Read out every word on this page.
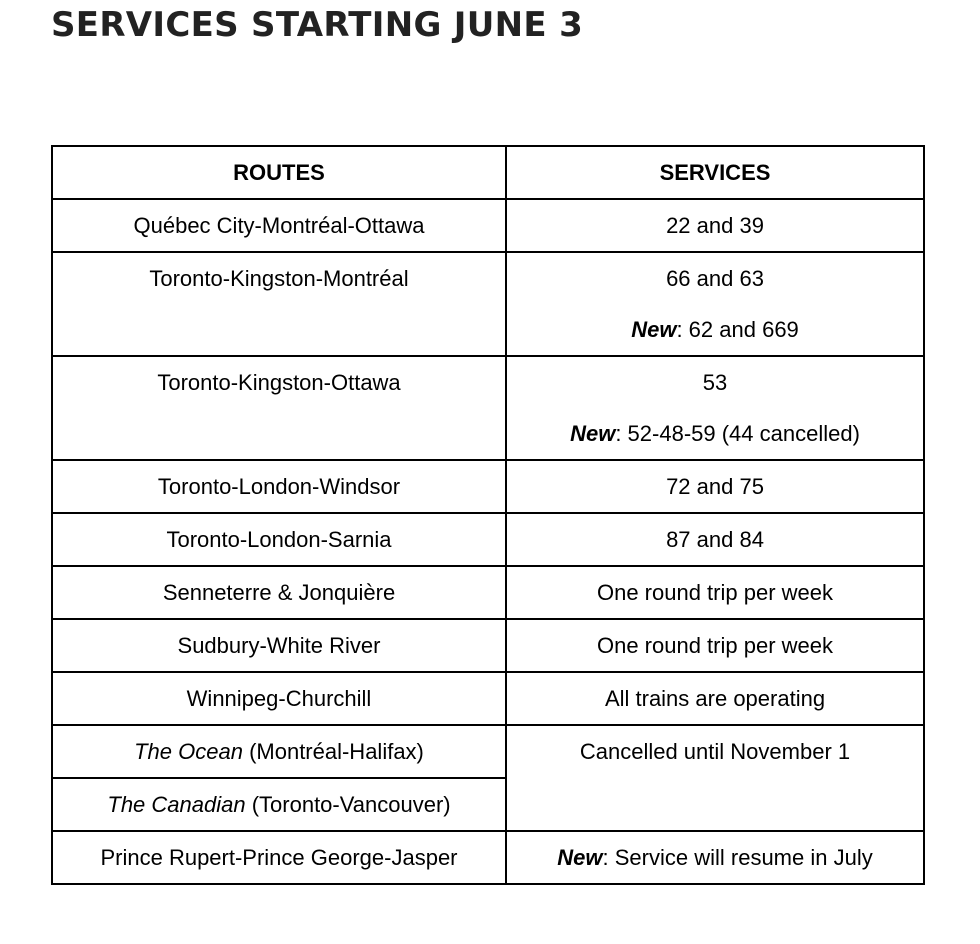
SERVICES STARTING JUNE 3
ROUTES	SERVICES

Québec City-Montréal-Ottawa	22 and 39

Toronto-Kingston-Montréal	66 and 63
New: 62 and 669

Toronto-Kingston-Ottawa	53
New: 52-48-59 (44 cancelled)

Toronto-London-Windsor	72 and 75

Toronto-London-Sarnia	87 and 84

Senneterre & Jonquière	One round trip per week

Sudbury-White River	One round trip per week

Winnipeg-Churchill	All trains are operating

The Ocean (Montréal-Halifax)	Cancelled until November 1

The Canadian (Toronto-Vancouver)	

Prince Rupert-Prince George-Jasper	New: Service will resume in July
